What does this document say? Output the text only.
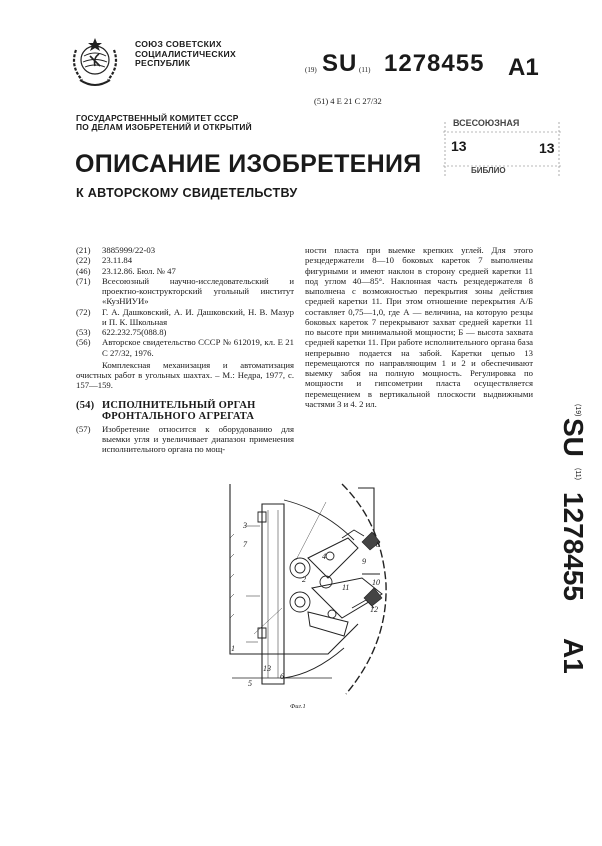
СОЮЗ СОВЕТСКИХ
СОЦИАЛИСТИЧЕСКИХ
РЕСПУБЛИК
(19) SU (11) 1278455 A1
(51) 4 E 21 C 27/32
ГОСУДАРСТВЕННЫЙ КОМИТЕТ СССР
ПО ДЕЛАМ ИЗОБРЕТЕНИЙ И ОТКРЫТИЙ	ВСЕСОЮЗНАЯ
13	13
БИБЛИО
ОПИСАНИЕ ИЗОБРЕТЕНИЯ
К АВТОРСКОМУ СВИДЕТЕЛЬСТВУ
(21)	3885999/22-03
(22)	23.11.84
(46)	23.12.86. Бюл. № 47
(71)	Всесоюзный научно-исследовательский и проектно-конструкторский угольный институт «КузНИУИ»
(72)	Г. А. Дашковский, А. И. Дашковский, Н. В. Мазур и П. К. Школьная
(53)	622.232.75(088.8)
(56)	Авторское свидетельство СССР № 612019, кл. E 21 C 27/32, 1976.

Комплексная механизация и автоматизация очистных работ в угольных шахтах. – М.: Недра, 1977, с. 157—159.

(54) ИСПОЛНИТЕЛЬНЫЙ ОРГАН ФРОНТАЛЬНОГО АГРЕГАТА
(57)	Изобретение относится к оборудованию для выемки угля и увеличивает диапазон применения исполнительного органа по мощ-

ности пласта при выемке крепких углей. Для этого резцедержатели 8—10 боковых кареток 7 выполнены фигурными и имеют наклон в сторону средней каретки 11 под углом 40—85°. Наклонная часть резцедержателя 8 выполнена с возможностью перекрытия зоны действия средней каретки 11. При этом отношение перекрытия А/Б составляет 0,75—1,0, где А — величина, на которую резцы боковых кареток 7 перекрывают захват средней каретки 11 по высоте при минимальной мощности; Б — высота захвата средней каретки 11. При работе исполнительного органа база непрерывно подается на забой. Каретки цепью 13 перемещаются по направляющим 1 и 2 и обеспечивают выемку забоя на полную мощность. Регулировка по мощности и гипсометрии пласта осуществляется перемещением в вертикальной плоскости выдвижными частями 3 и 4. 2 ил.

(19)
SU
(11)
1278455
A1
3
7	8
9
10
11
12
13
1
5
6
4
2
Фиг.1
